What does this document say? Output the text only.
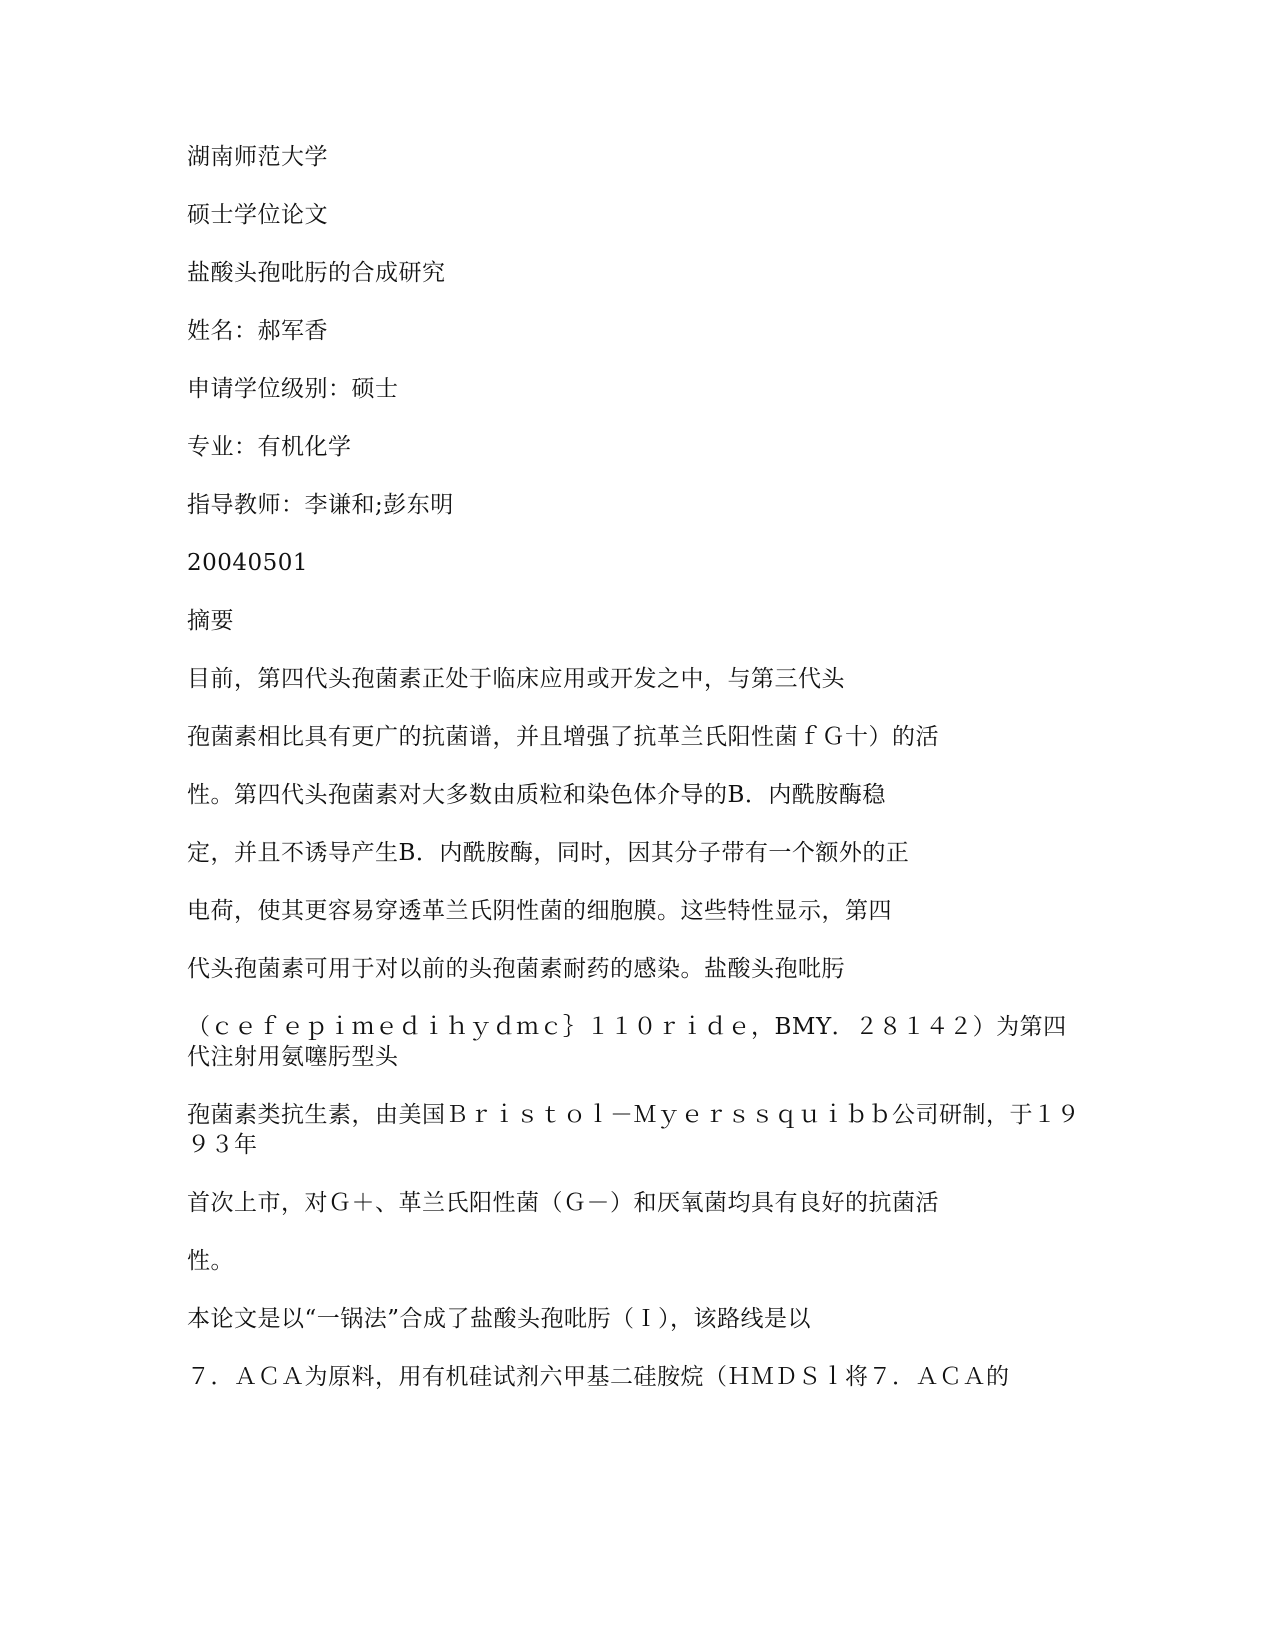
湖南师范大学
硕士学位论文
盐酸头孢吡肟的合成研究
姓名：郝军香
申请学位级别：硕士
专业：有机化学
指导教师：李谦和;彭东明
20040501
摘要
目前，第四代头孢菌素正处于临床应用或开发之中，与第三代头
孢菌素相比具有更广的抗菌谱，并且增强了抗革兰氏阳性菌ｆＧ十）的活
性。第四代头孢菌素对大多数由质粒和染色体介导的Β．内酰胺酶稳
定，并且不诱导产生Β．内酰胺酶，同时，因其分子带有一个额外的正
电荷，使其更容易穿透革兰氏阴性菌的细胞膜。这些特性显示，第四
代头孢菌素可用于对以前的头孢菌素耐药的感染。盐酸头孢吡肟
（ｃｅｆｅｐｉｍｅｄｉｈｙｄｍｃ｝１１０ｒｉｄｅ，ΒΜΥ．２８１４２）为第四代注射用氨噻肟型头
孢菌素类抗生素，由美国Ｂｒｉｓｔｏｌ－Ｍｙｅｒｓｓｑｕｉｂｂ公司研制，于１９９３年
首次上市，对Ｇ＋、革兰氏阳性菌（Ｇ－）和厌氧菌均具有良好的抗菌活
性。
本论文是以“一锅法”合成了盐酸头孢吡肟（Ｉ），该路线是以
７．ＡＣＡ为原料，用有机硅试剂六甲基二硅胺烷（ＨＭＤＳｌ将７．ＡＣＡ的
